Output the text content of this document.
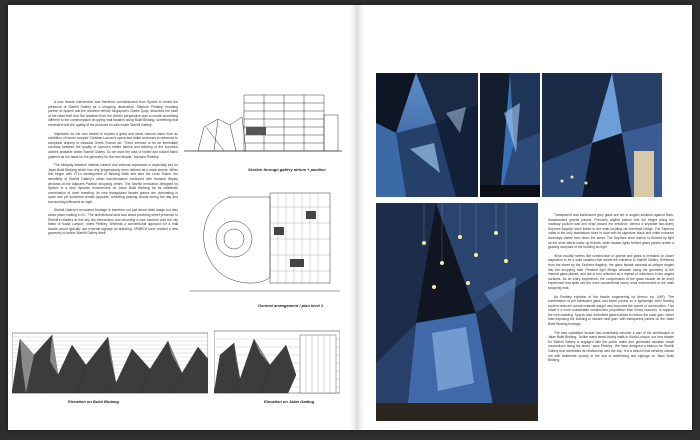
A new facade intervention was therefore commissioned from Sparch to renew the presence of Starhill Gallery as a shopping destination. Stephen Pimbley, founding partner at Sparch and the architect behind Singapore's Clarke Quay, describes the case of the retail brief that 'the ambition from the client's perspective was to create something different to the commonplace shopping mall facades along Bukit Bintang, something that resonated with the quality of the products on sale inside Starhill Gallery'.

Inspiration for the new facade to replace a glass and stone rotunda came from an exhibition of former sculptor Christian Lacroix's opera and ballet costumes in reference to sculptural drapery in classical Greek Roman art. 'There seemed to be an immediate corollary between the quality of Lacroix's folded fabrics and tailoring of the luxurious clothes available within Starhill Gallery. So we used the idea of folded and tucked fabric patterns as the basis for the geometry for the new facade,' explains Pimbley.

The interplay between internal content and external expression is especially key for Jalan Bukit Bintang which has only progressively been defined as a retail streets. When first begun with YTL's development of Bintang Walk and later the Lexis Suites, the sensibility of Starhill Gallery's urban transformation continued with boosted display windows at the adjacent Pavilion shopping centre. The Starhill renovation designed by Sparch is a new dynamic environment on Jalan Bukit Bintang for its deliberate combination of overt branding. Its new triangulated facade planes are dominating in scale and yet somehow remain apposite, refracting passing clouds during the day and surrounding billboards at night.

Starhill Gallery's renovated frontage is therefore not just about retail image but also about place-making in KL. 'The architectural idea was about providing street presence to Starhill's retailers at this key city intersection and recording a new moment onto the city fabric of Kuala Lumpur,' notes Pimbley. Whereas a conventional approach for a mall facade would typically use external signage as branding, SPARCH have created a new geometry to define Starhill Gallery itself.

Section through gallery atrium + pavilion
General arrangement / plan level 1
Elevation on Bukit Bintang	Elevation on Jalan Gading

Transparent and translucent grey glass are set in angled sections against flush-frameworked granite panels. Precisely angled planes fold full height along the roadway podium wall and wrap around the entrance, behind a separate two-storey Sephora flagship store linked to the main building via overhead bridge. The Sephora outlet is the only standalone store in Asia with its signature black and white entrance doorways visible from down the street. The Sephora store interior is flooded by light as the shoe labels make up brands, while facade lights behind glass panels create a glowing sculpture of the building at night.

What visually seems like construction of granite and glass is revealed on closer inspection to be a solid variation that meets the entrance to Starhill Gallery. Sheltered from the street by the Sephora flagship, the glass facade ascends at oblique angles into the shopping mall. Pendant light fittings cascade along the geometry of the internal glass planes, and are in turn reflected as a myriad of reflections in the angled surfaces. As an entry experience, the compression of the glass facade as an entry experience that spills into the more conventional luxury retail environment of the main shopping mall.

As Pimbley explains of the facade engineering by Arenco Inc. (MR), 'The combination of pre-fabricated glass and stone panels on a lightweight steel framing system reduced overall material weight and improved the speed of construction. This made it a more sustainable construction proposition than heavy masonry' to support the new cladding. Sparch also minimised glazed areas to reduce the solar gain, rather than exposing the building to radiant heat gain, with transparent panels on the Jalan Bukit Bintang frontage.

The new crystalline facade has undeniably become a part of the streetscape of Jalan Bukit Bintang. 'Unlike many street-facing malls in Kuala Lumpur, our new facade for Starhill Gallery is engaged with the public realm and generates valuable visual connections along the street,' says Pimbley. 'We have designed a beacon for Starhill Gallery that celebrates its relationship with the city.' It is a beacon that certainly stands out with deliberate opacity in the sea of advertising and signage on Jalan Bukit Bintang.
